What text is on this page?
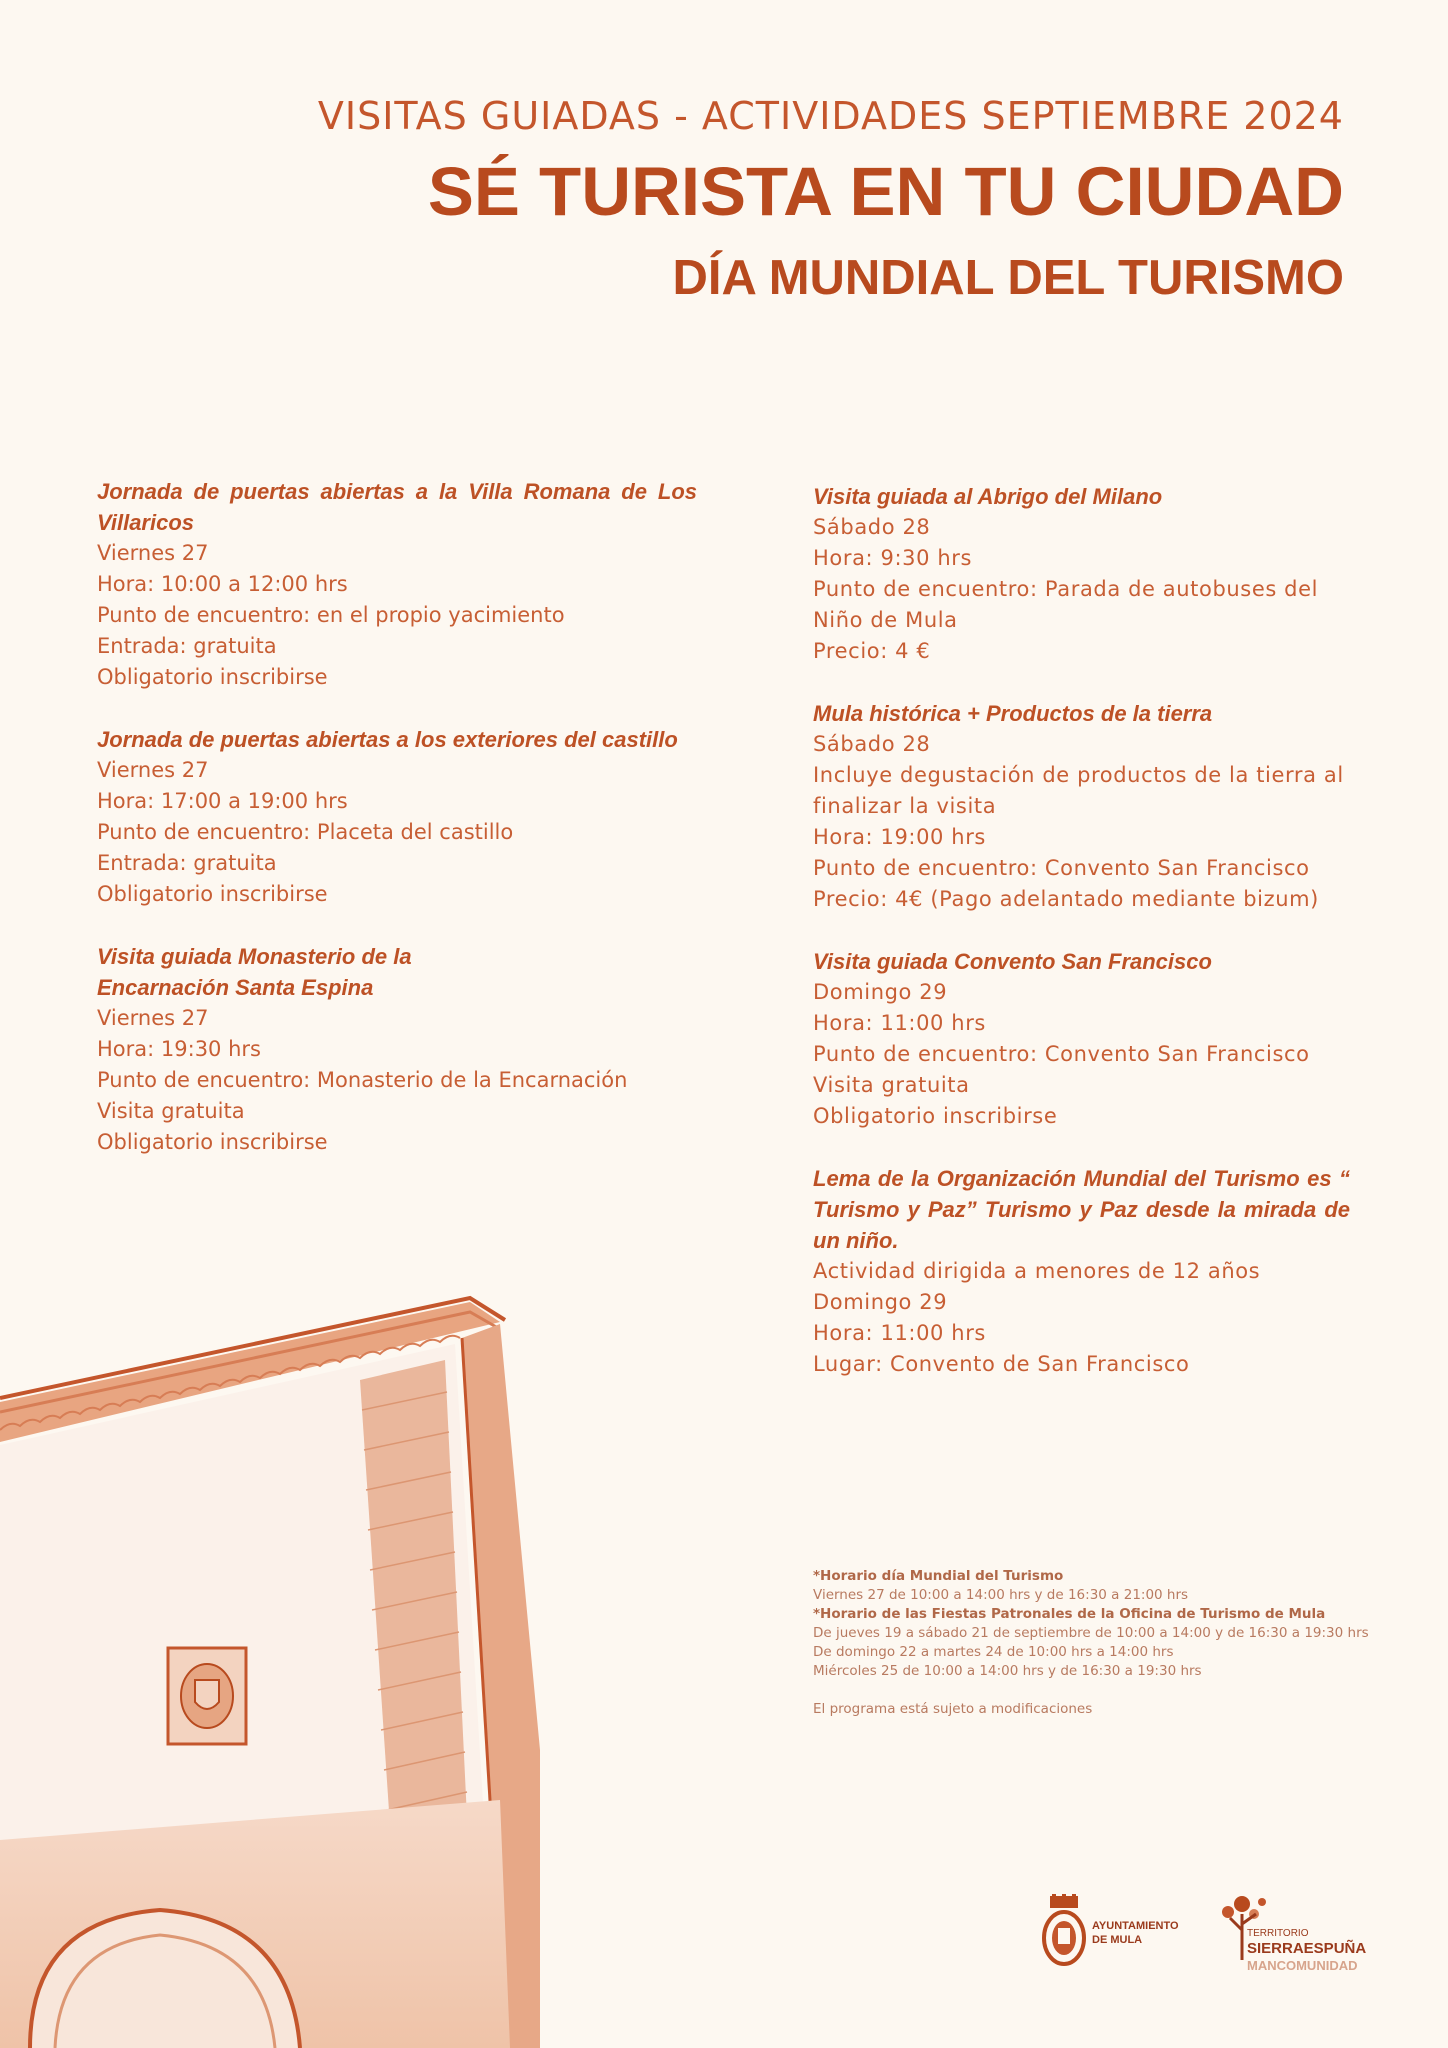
VISITAS GUIADAS - ACTIVIDADES SEPTIEMBRE 2024

SÉ TURISTA EN TU CIUDAD
DÍA MUNDIAL DEL TURISMO

Jornada de puertas abiertas a la Villa Romana de Los Villaricos

Viernes 27

Hora: 10:00 a 12:00 hrs

Punto de encuentro: en el propio yacimiento

Entrada: gratuita

Obligatorio inscribirse

Jornada de puertas abiertas a los exteriores del castillo

Viernes 27

Hora: 17:00 a 19:00 hrs

Punto de encuentro: Placeta del castillo

Entrada: gratuita

Obligatorio inscribirse

Visita guiada Monasterio de la Encarnación Santa Espina

Viernes 27

Hora: 19:30 hrs

Punto de encuentro: Monasterio de la Encarnación

Visita gratuita

Obligatorio inscribirse

Visita guiada al Abrigo del Milano

Sábado 28

Hora: 9:30 hrs

Punto de encuentro: Parada de autobuses del Niño de Mula

Precio: 4 €

Mula histórica + Productos de la tierra

Sábado 28

Incluye degustación de productos de la tierra al finalizar la visita

Hora: 19:00 hrs

Punto de encuentro: Convento San Francisco

Precio: 4€ (Pago adelantado mediante bizum)

Visita guiada Convento San Francisco

Domingo 29

Hora: 11:00 hrs

Punto de encuentro: Convento San Francisco

Visita gratuita

Obligatorio inscribirse

Lema de la Organización Mundial del Turismo es “ Turismo y Paz” Turismo y Paz desde la mirada de un niño.

Actividad dirigida a menores de 12 años

Domingo 29

Hora: 11:00 hrs

Lugar: Convento de San Francisco

*Horario día Mundial del Turismo
Viernes 27 de 10:00 a 14:00 hrs y de 16:30 a 21:00 hrs
*Horario de las Fiestas Patronales de la Oficina de Turismo de Mula
De jueves 19 a sábado 21 de septiembre de 10:00 a 14:00 y de 16:30 a 19:30 hrs
De domingo 22 a martes 24 de 10:00 hrs a 14:00 hrs
Miércoles 25 de 10:00 a 14:00 hrs y de 16:30 a 19:30 hrs
El programa está sujeto a modificaciones
AYUNTAMIENTO
DE MULA
TERRITORIO
SIERRAESPUÑA
MANCOMUNIDAD
